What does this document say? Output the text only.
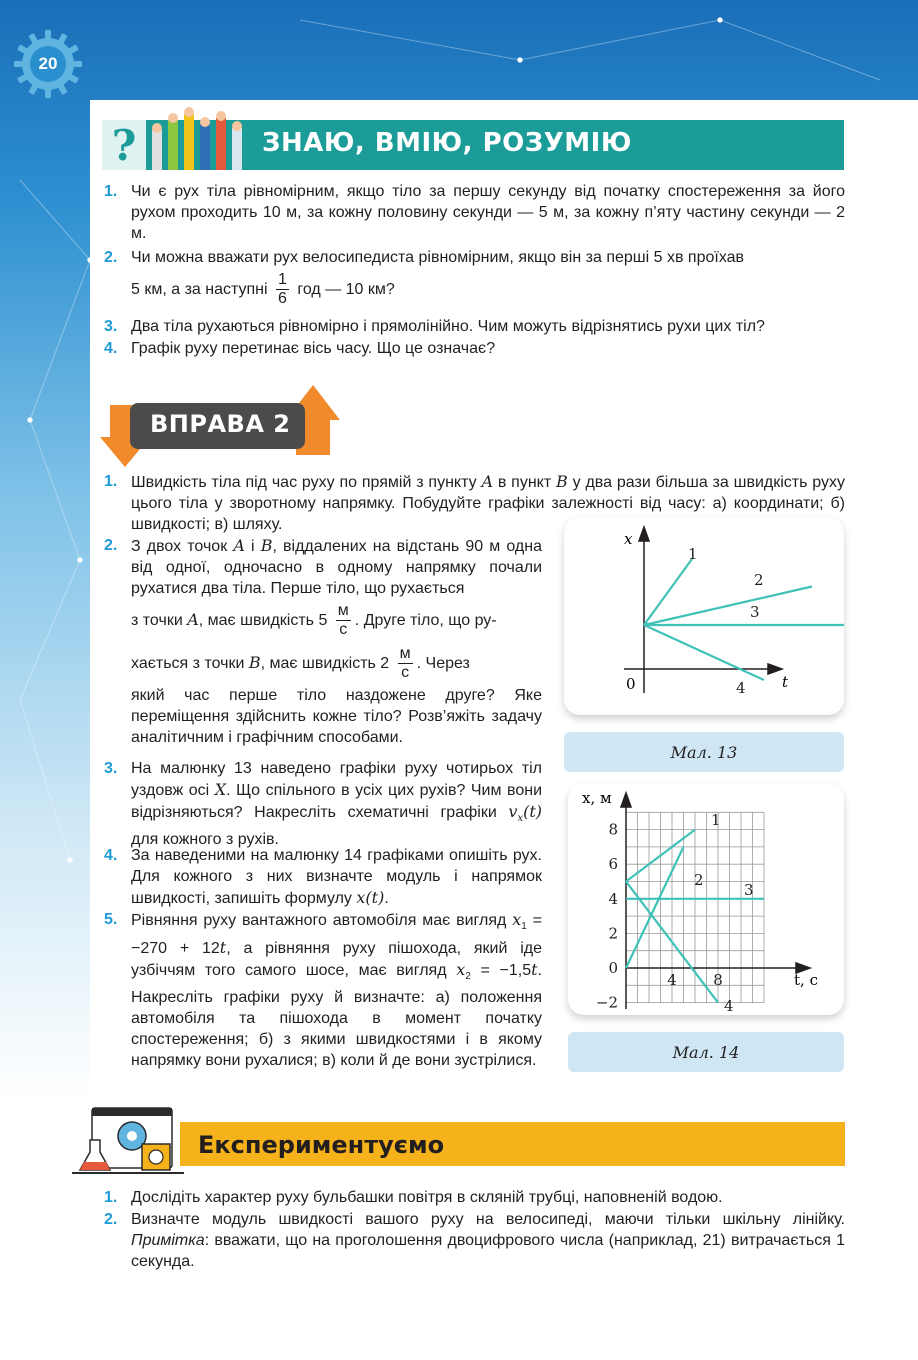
20
?	ЗНАЮ, ВМІЮ, РОЗУМІЮ
1. Чи є рух тіла рівномірним, якщо тіло за першу секунду від початку спостереження за його рухом проходить 10 м, за кожну половину секунди — 5 м, за кожну п’яту частину секунди — 2 м.
2. Чи можна вважати рух велосипедиста рівномірним, якщо він за перші 5 хв проїхав
5 км, а за наступні $\frac{1}{6}$ год — 10 км?
3. Два тіла рухаються рівномірно і прямолінійно. Чим можуть відрізнятись рухи цих тіл?
4. Графік руху перетинає вісь часу. Що це означає?
ВПРАВА 2
1. Швидкість тіла під час руху по прямій з пункту A в пункт B у два рази більша за швидкість руху цього тіла у зворотному напрямку. Побудуйте графіки залежності від часу: а) координати; б) швидкості; в) шляху.
2. З двох точок A і B, віддалених на відстань 90 м одна від одної, одночасно в одному напрямку почали рухатися два тіла. Перше тіло, що рухається
з точки A, має швидкість $5 \frac{м}{с}$ . Друге тіло, що ру-
хається з точки B, має швидкість $2 \frac{м}{с}$ . Через
який час перше тіло наздожене друге? Яке переміщення здійснить кожне тіло? Розв’яжіть задачу аналітичним і графічним способами.
3. На малюнку 13 наведено графіки руху чотирьох тіл уздовж осі X. Що спільного в усіх цих рухів? Чим вони відрізняються? Накресліть схематичні графіки $v_x(t)$ для кожного з рухів.
4. За наведеними на малюнку 14 графіками опишіть рух. Для кожного з них визначте модуль і напрямок швидкості, запишіть формулу x(t).
5. Рівняння руху вантажного автомобіля має вигляд $x_1 = -270 + 12t$, а рівняння руху пішохода, який іде узбіччям того самого шосе, має вигляд $x_2 = -1,5t$. Накресліть графіки руху й визначте: а) положення автомобіля та пішохода в момент початку спостереження; б) з якими швидкостями і в якому напрямку вони рухалися; в) коли й де вони зустрілися.
x
t
0
1
2
3
4
Мал. 13
x, м
t, c
8
6
4
2
0
−2
4 8
1
2
3
4
Мал. 14
Експериментуємо
1. Дослідіть характер руху бульбашки повітря в скляній трубці, наповненій водою.
2. Визначте модуль швидкості вашого руху на велосипеді, маючи тільки шкільну лінійку. Примітка: вважати, що на проголошення двоцифрового числа (наприклад, 21) витрачається 1 секунда.
